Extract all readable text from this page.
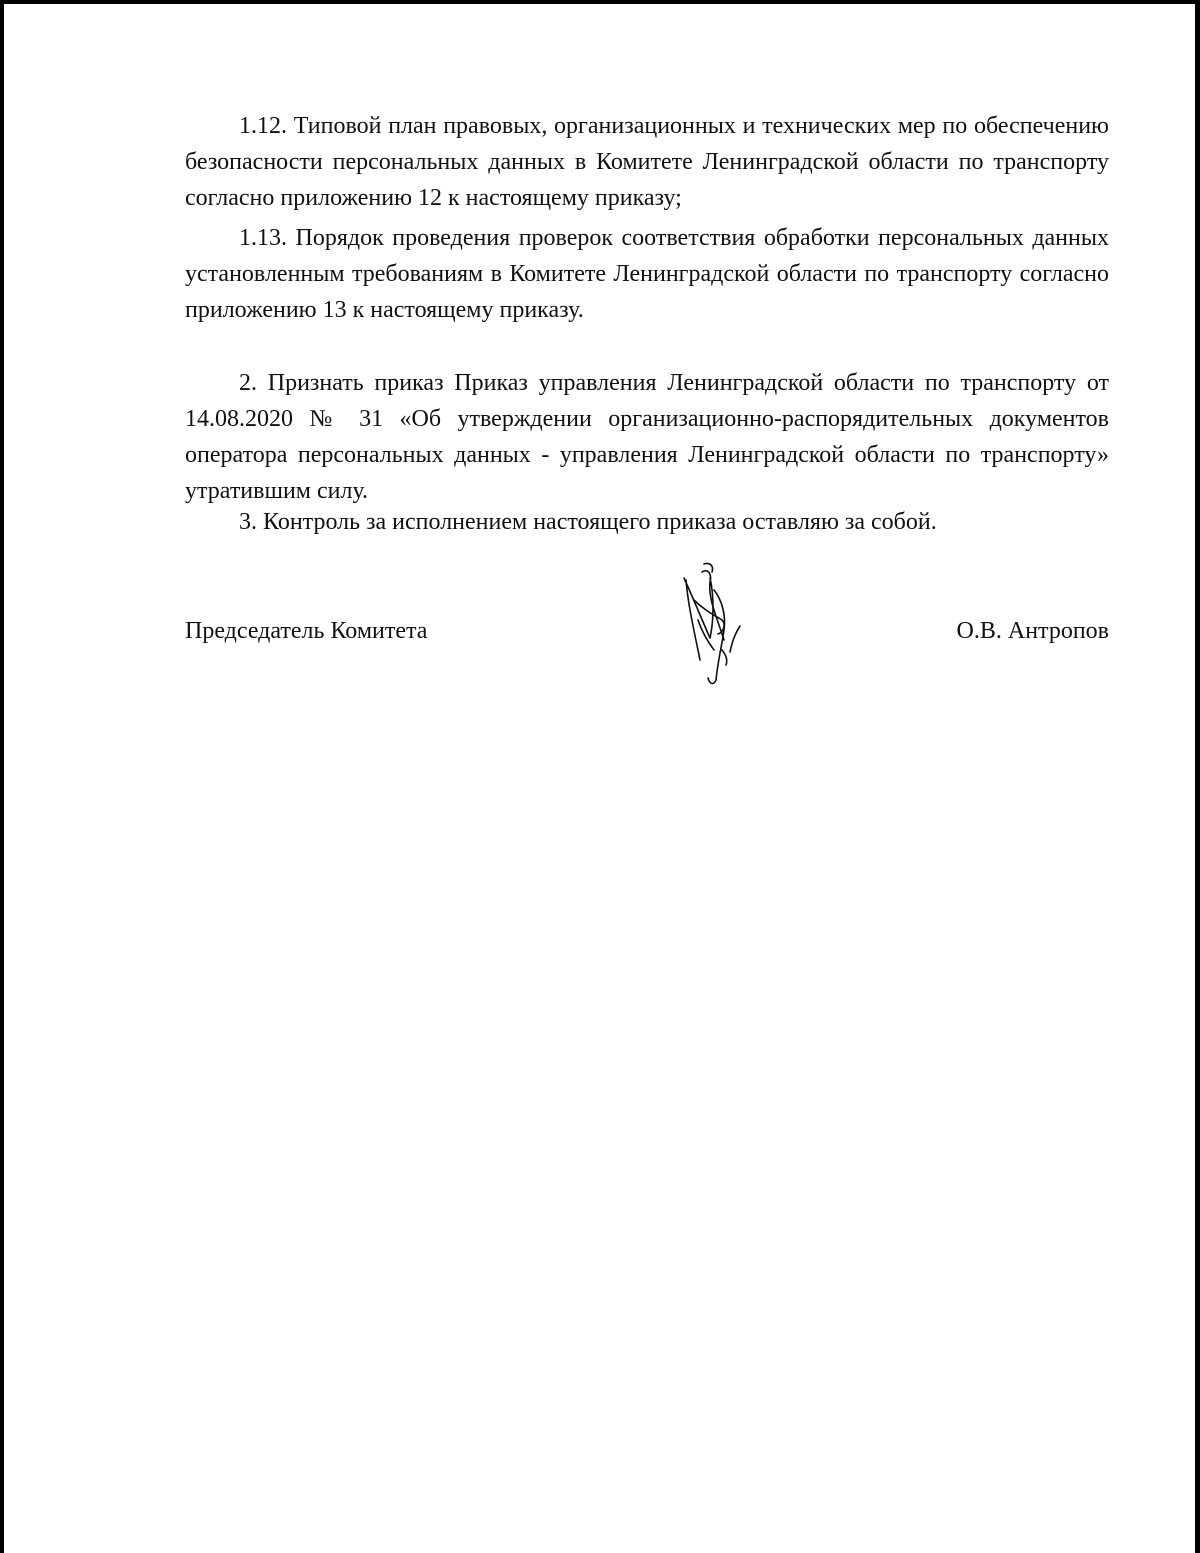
1.12. Типовой план правовых, организационных и технических мер по обеспечению безопасности персональных данных в Комитете Ленинградской области по транспорту согласно приложению 12 к настоящему приказу;

1.13. Порядок проведения проверок соответствия обработки персональных данных установленным требованиям в Комитете Ленинградской области по транспорту согласно приложению 13 к настоящему приказу.

2. Признать приказ Приказ управления Ленинградской области по транспорту от 14.08.2020 № 31 «Об утверждении организационно-распорядительных документов оператора персональных данных - управления Ленинградской области по транспорту» утратившим силу.

3. Контроль за исполнением настоящего приказа оставляю за собой.

Председатель Комитета	О.В. Антропов
